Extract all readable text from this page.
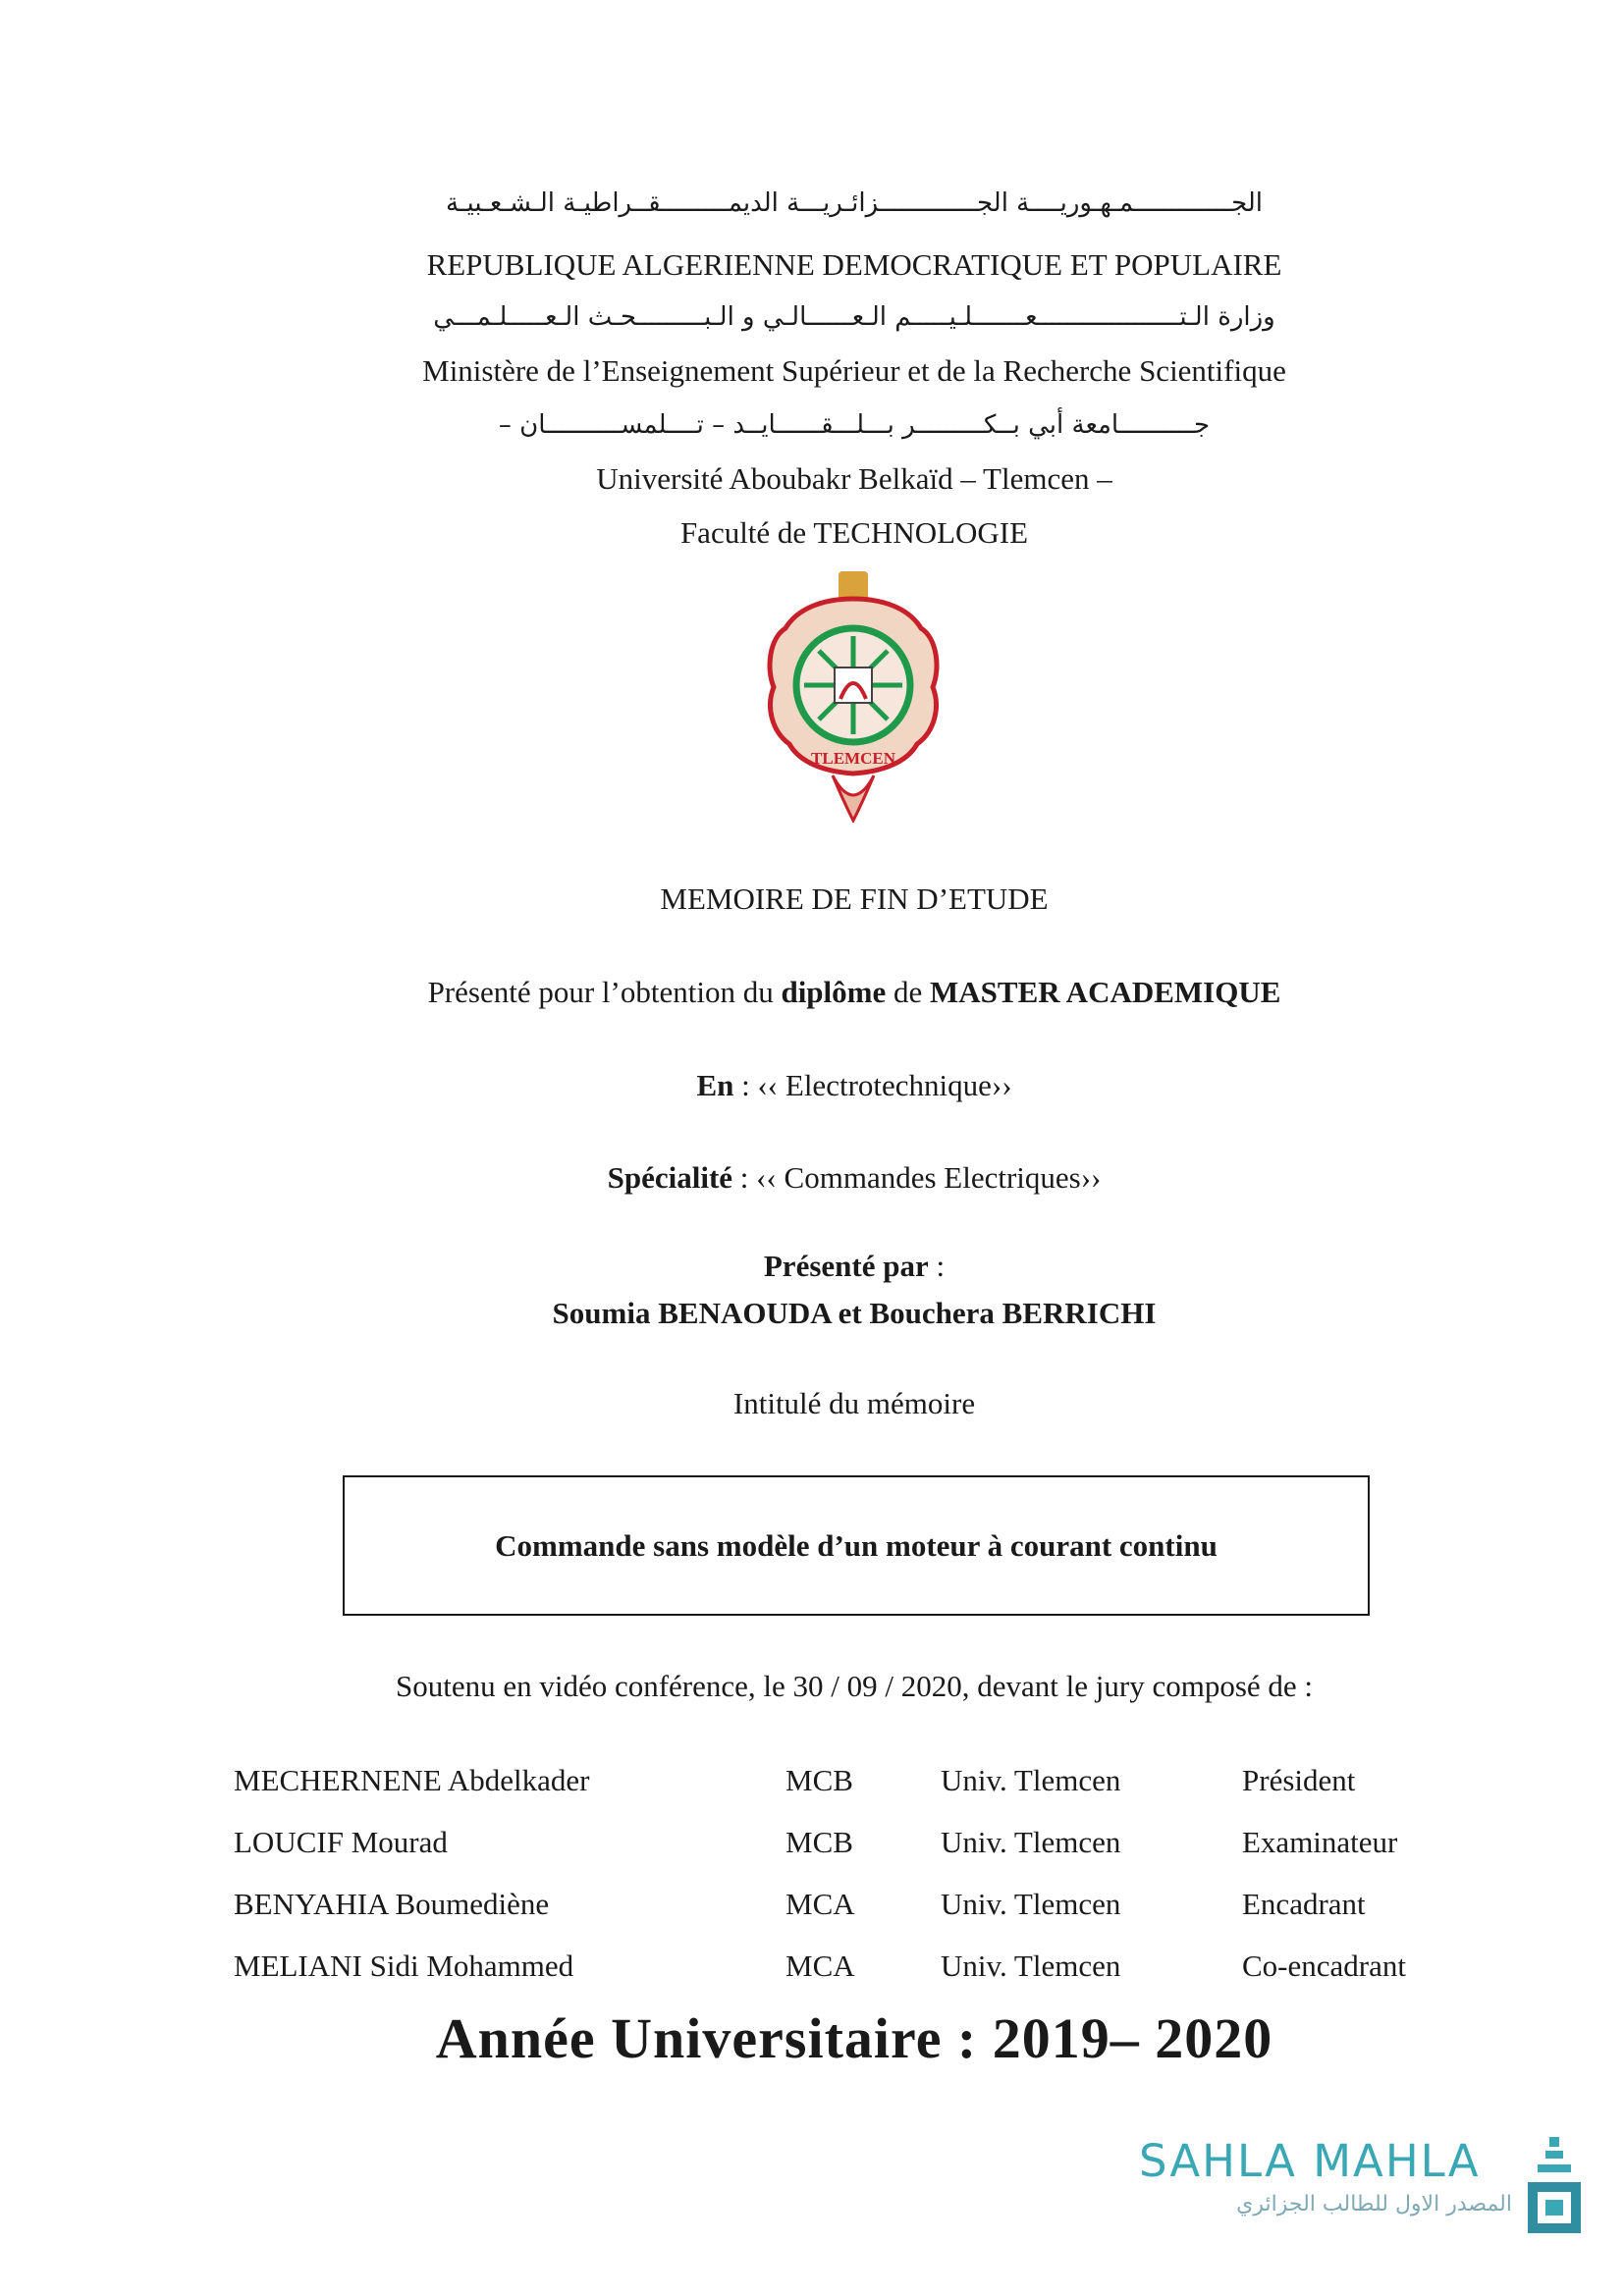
الجـــــــــــــمـهـوريــــة الجـــــــــــــزائـريـــة الديمـــــــــقــراطيـة الـشـعـبيـة
REPUBLIQUE ALGERIENNE DEMOCRATIQUE ET POPULAIRE
وزارة الـتـــــــــــــــــــعـــــــلـيـــــم الـعــــــالـي و الـبـــــــــحـث الـعـــــلـمـــي
Ministère de l’Enseignement Supérieur et de la Recherche Scientifique
جــــــــــامعة أبي بــكـــــــــر بـــلـــقــــــايــد – تــــلمســــــــــان –
Université Aboubakr Belkaïd – Tlemcen –
Faculté de TECHNOLOGIE
TLEMCEN
MEMOIRE DE FIN D’ETUDE
Présenté pour l’obtention du diplôme de MASTER ACADEMIQUE
En : ‹‹ Electrotechnique››
Spécialité : ‹‹ Commandes Electriques››
Présenté par :
Soumia BENAOUDA et Bouchera BERRICHI
Intitulé du mémoire
Commande sans modèle d’un moteur à courant continu
Soutenu en vidéo conférence, le 30 / 09 / 2020, devant le jury composé de :
MECHERNENE Abdelkader	MCB	Univ. Tlemcen	Président
LOUCIF Mourad	MCB	Univ. Tlemcen	Examinateur
BENYAHIA Boumediène	MCA	Univ. Tlemcen	Encadrant
MELIANI Sidi Mohammed	MCA	Univ. Tlemcen	Co-encadrant
Année Universitaire : 2019– 2020
SAHLA MAHLA
المصدر الاول للطالب الجزائري
